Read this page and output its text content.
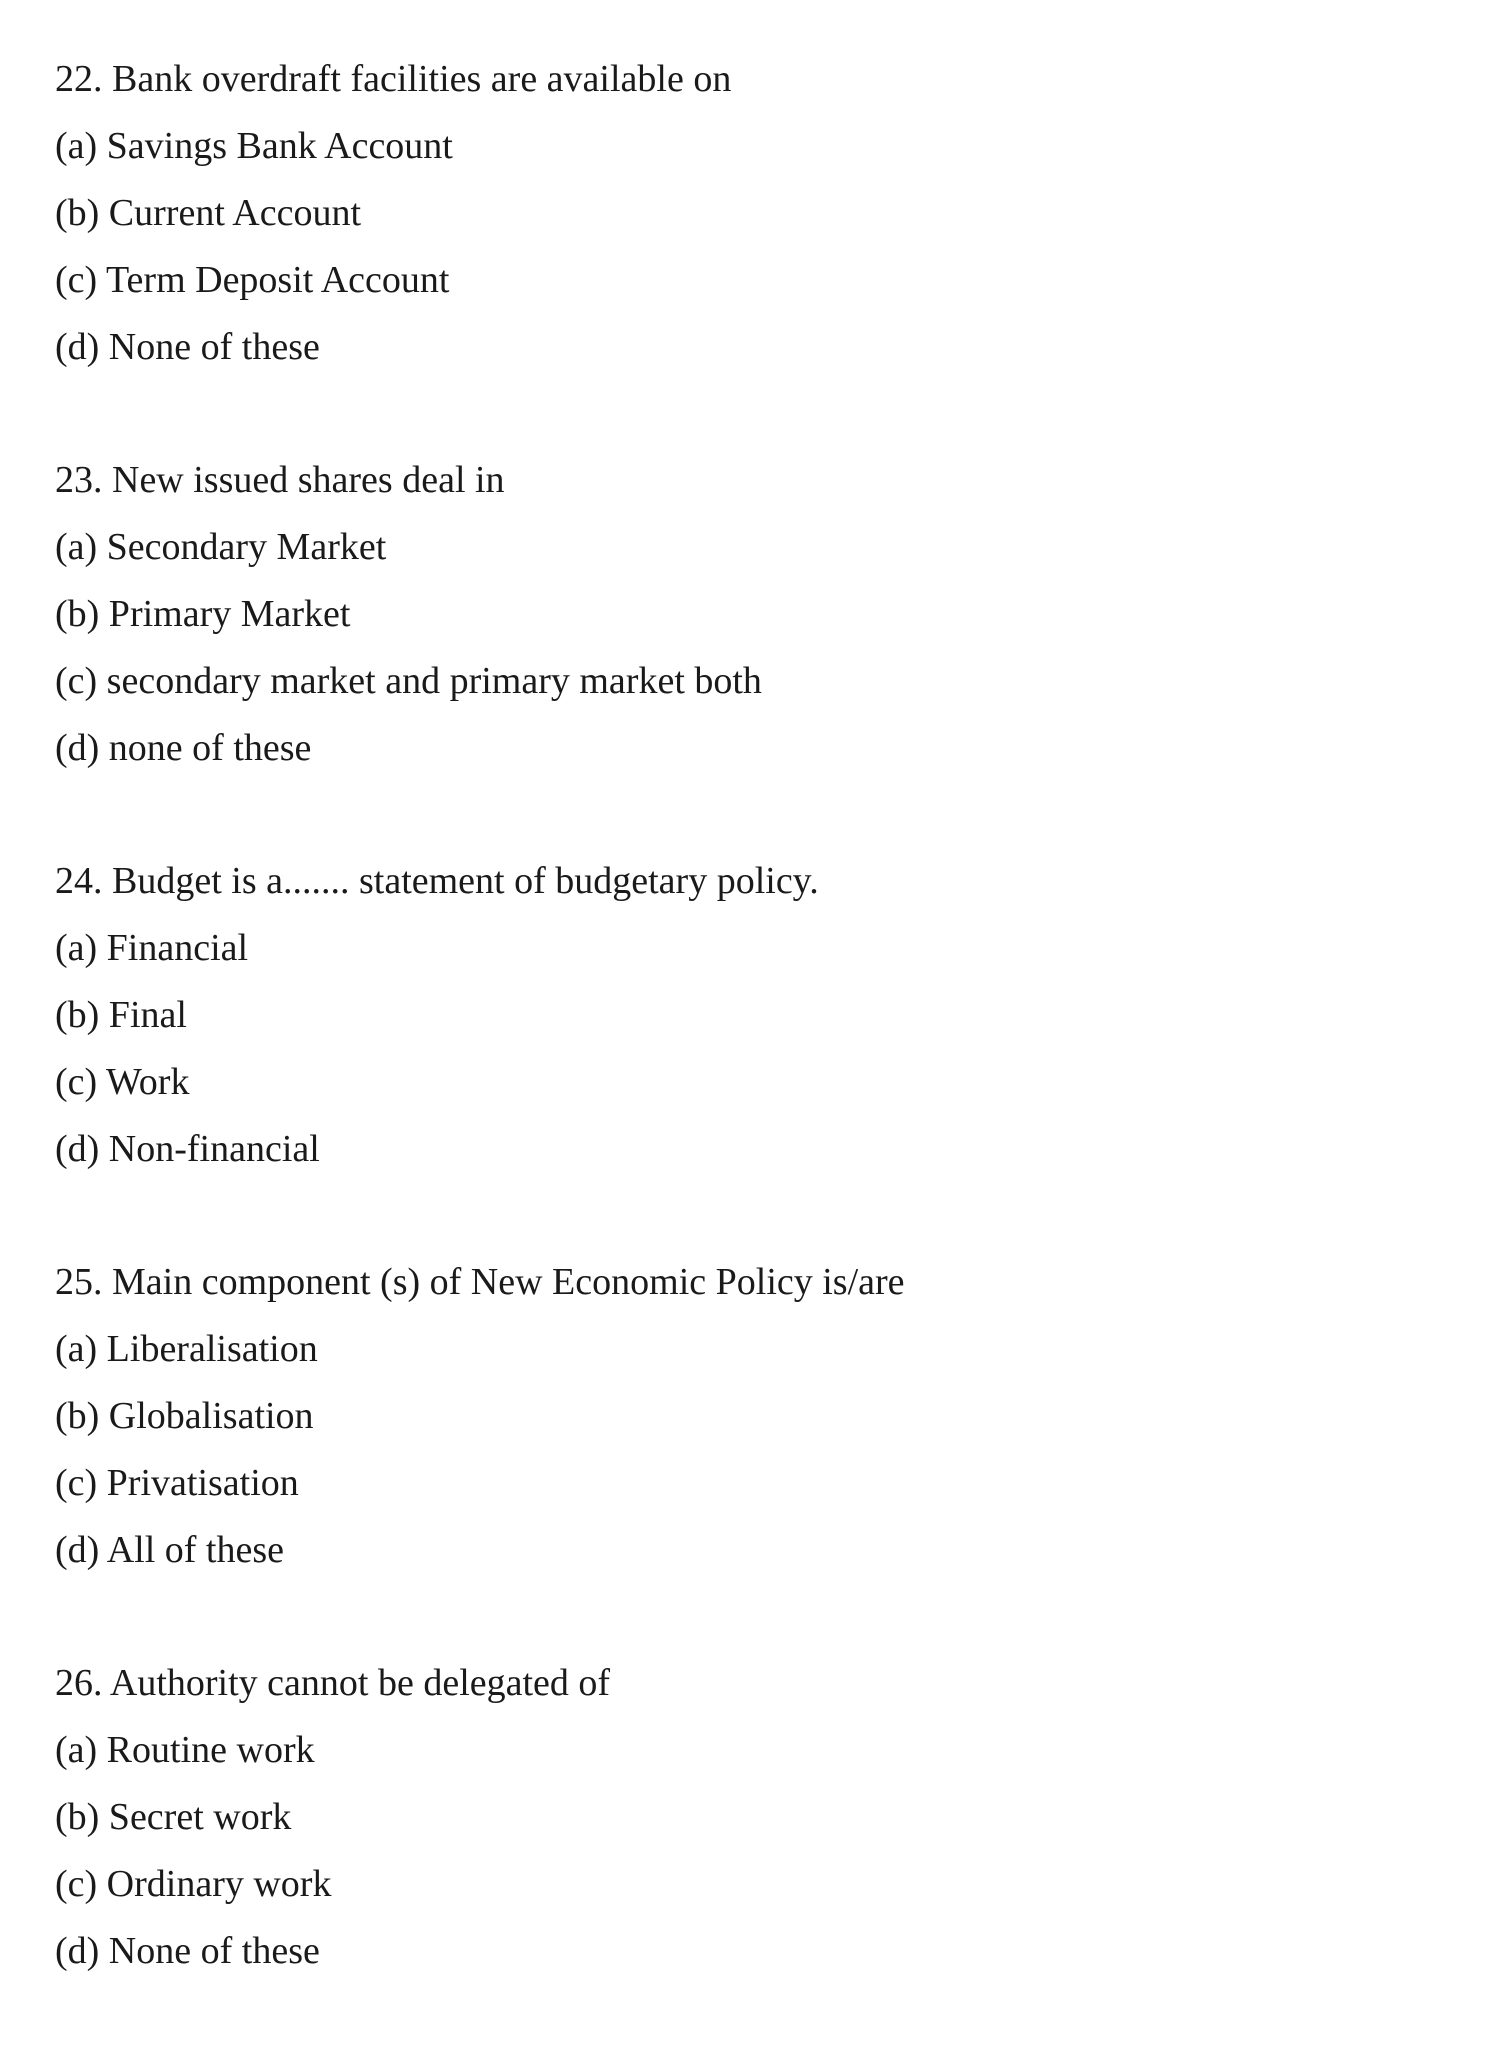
22. Bank overdraft facilities are available on
(a) Savings Bank Account
(b) Current Account
(c) Term Deposit Account
(d) None of these
23. New issued shares deal in
(a) Secondary Market
(b) Primary Market
(c) secondary market and primary market both
(d) none of these
24. Budget is a....... statement of budgetary policy.
(a) Financial
(b) Final
(c) Work
(d) Non-financial
25. Main component (s) of New Economic Policy is/are
(a) Liberalisation
(b) Globalisation
(c) Privatisation
(d) All of these
26. Authority cannot be delegated of
(a) Routine work
(b) Secret work
(c) Ordinary work
(d) None of these
